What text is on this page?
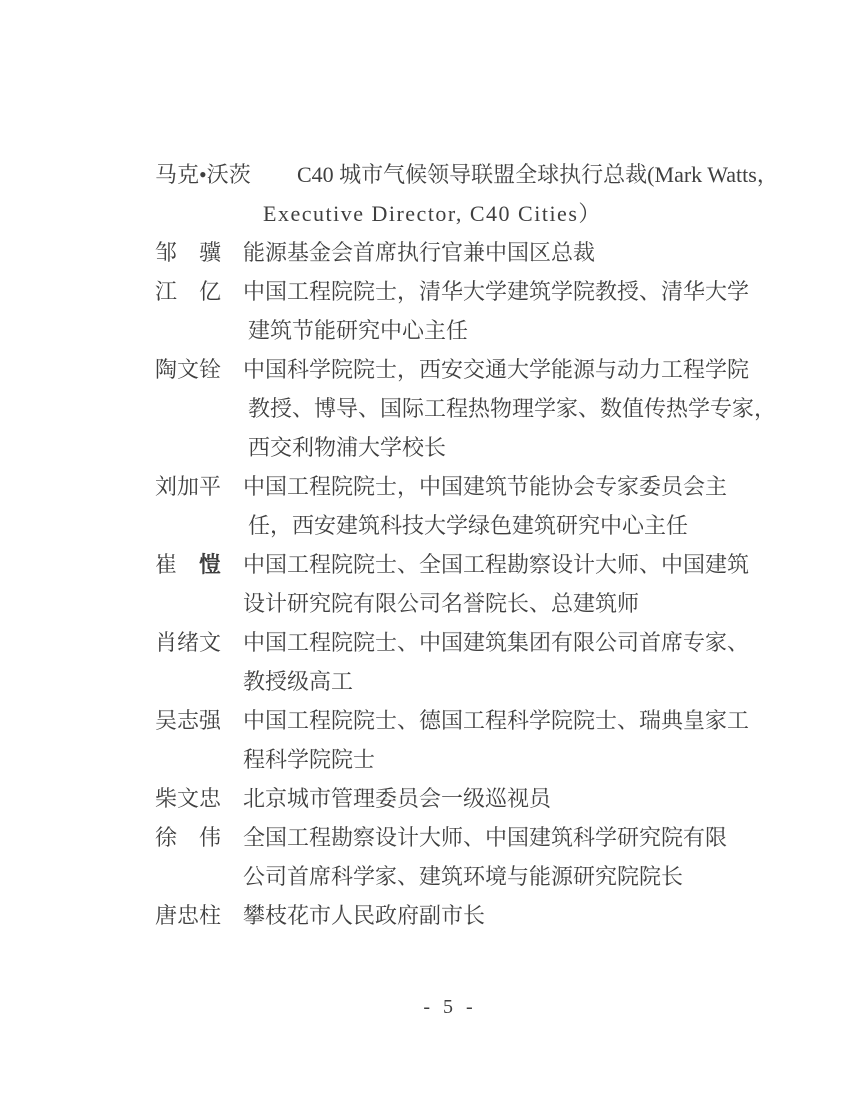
马克•沃茨 C40 城市气候领导联盟全球执行总裁(Mark Watts，
Executive Director, C40 Cities）
邹　骥 能源基金会首席执行官兼中国区总裁
江　亿 中国工程院院士，清华大学建筑学院教授、清华大学
建筑节能研究中心主任
陶文铨 中国科学院院士，西安交通大学能源与动力工程学院
教授、博导、国际工程热物理学家、数值传热学专家，
西交利物浦大学校长
刘加平 中国工程院院士，中国建筑节能协会专家委员会主
任，西安建筑科技大学绿色建筑研究中心主任
崔　愷 中国工程院院士、全国工程勘察设计大师、中国建筑
设计研究院有限公司名誉院长、总建筑师
肖绪文 中国工程院院士、中国建筑集团有限公司首席专家、
教授级高工
吴志强 中国工程院院士、德国工程科学院院士、瑞典皇家工
程科学院院士
柴文忠 北京城市管理委员会一级巡视员
徐　伟 全国工程勘察设计大师、中国建筑科学研究院有限
公司首席科学家、建筑环境与能源研究院院长
唐忠柱 攀枝花市人民政府副市长
- 5 -
